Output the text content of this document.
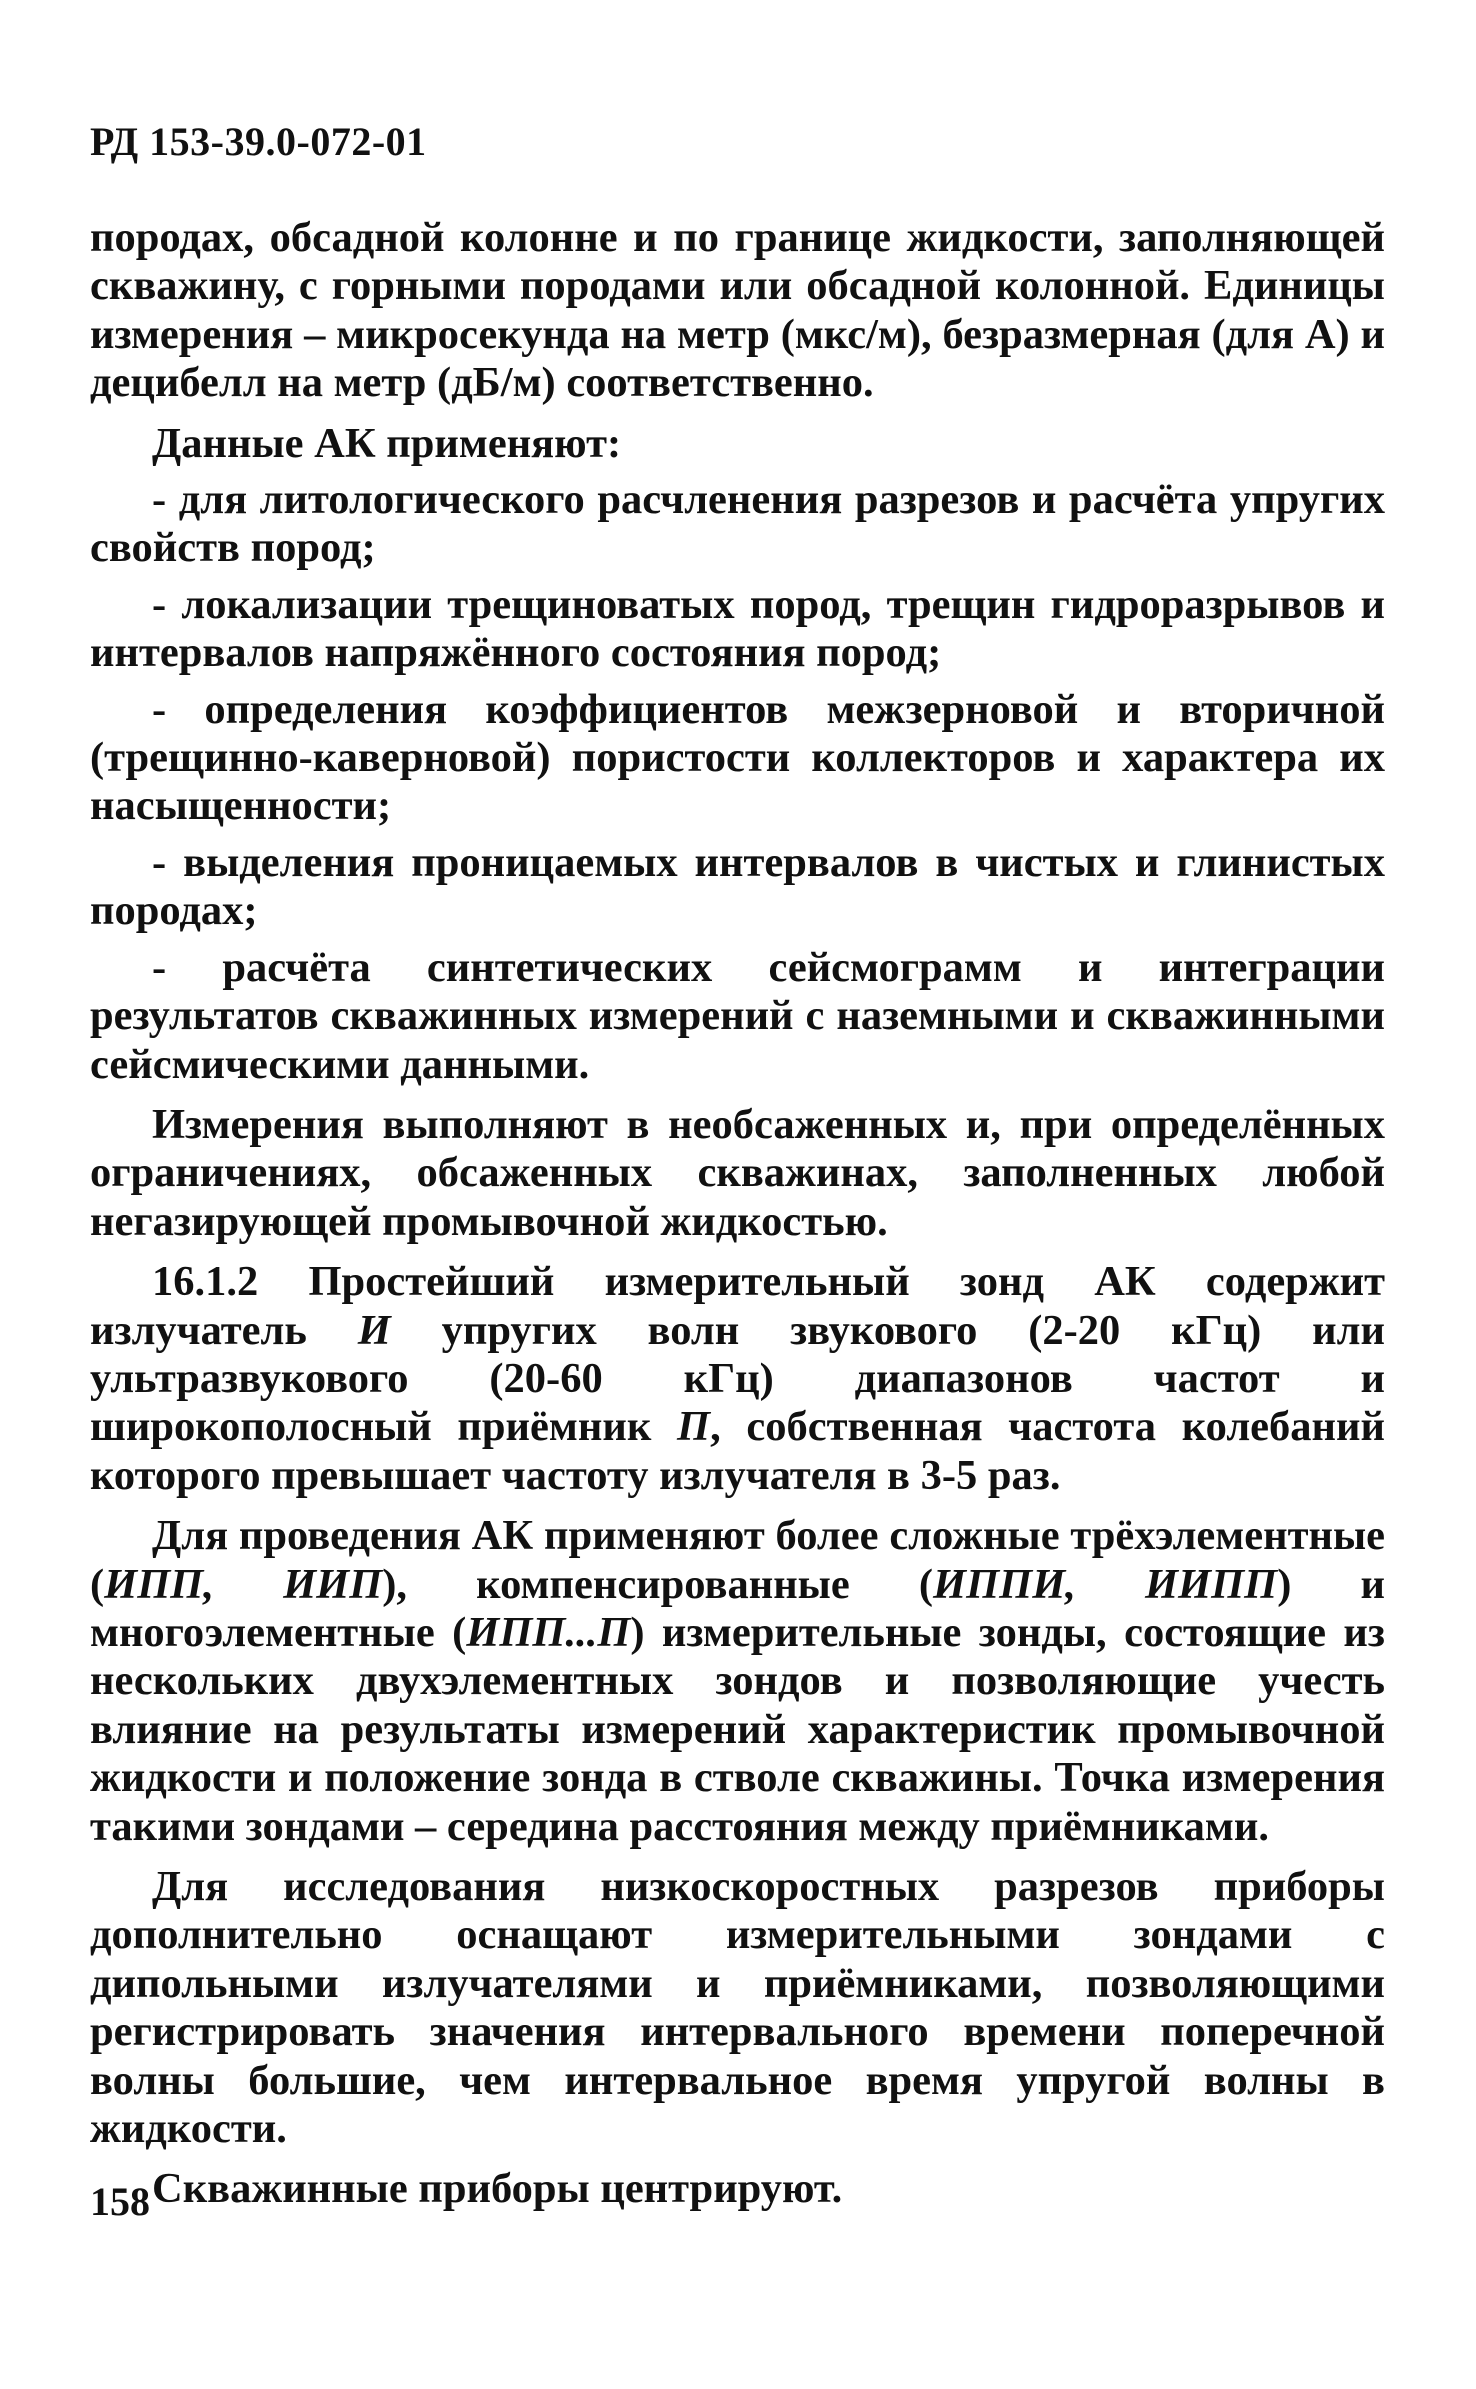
РД 153-39.0-072-01

породах, обсадной колонне и по границе жидкости, заполняющей скважину, с горными породами или обсадной колонной. Единицы измерения – микросекунда на метр (мкс/м), безразмерная (для A) и децибелл на метр (дБ/м) соответственно.

Данные АК применяют:

- для литологического расчленения разрезов и расчёта упругих свойств пород;

- локализации трещиноватых пород, трещин гидроразрывов и интервалов напряжённого состояния пород;

- определения коэффициентов межзерновой и вторичной (трещинно-каверновой) пористости коллекторов и характера их насыщенности;

- выделения проницаемых интервалов в чистых и глинистых породах;

- расчёта синтетических сейсмограмм и интеграции результатов скважинных измерений с наземными и скважинными сейсмическими данными.

Измерения выполняют в необсаженных и, при определённых ограничениях, обсаженных скважинах, заполненных любой негазирующей промывочной жидкостью.

16.1.2 Простейший измерительный зонд АК содержит излучатель И упругих волн звукового (2-20 кГц) или ультразвукового (20-60 кГц) диапазонов частот и широкополосный приёмник П, собственная частота колебаний которого превышает частоту излучателя в 3-5 раз.

Для проведения АК применяют более сложные трёхэлементные (ИПП, ИИП), компенсированные (ИППИ, ИИПП) и многоэлементные (ИПП...П) измерительные зонды, состоящие из нескольких двухэлементных зондов и позволяющие учесть влияние на результаты измерений характеристик промывочной жидкости и положение зонда в стволе скважины. Точка измерения такими зондами – середина расстояния между приёмниками.

Для исследования низкоскоростных разрезов приборы дополнительно оснащают измерительными зондами с дипольными излучателями и приёмниками, позволяющими регистрировать значения интервального времени поперечной волны большие, чем интервальное время упругой волны в жидкости.

Скважинные приборы центрируют.

158
